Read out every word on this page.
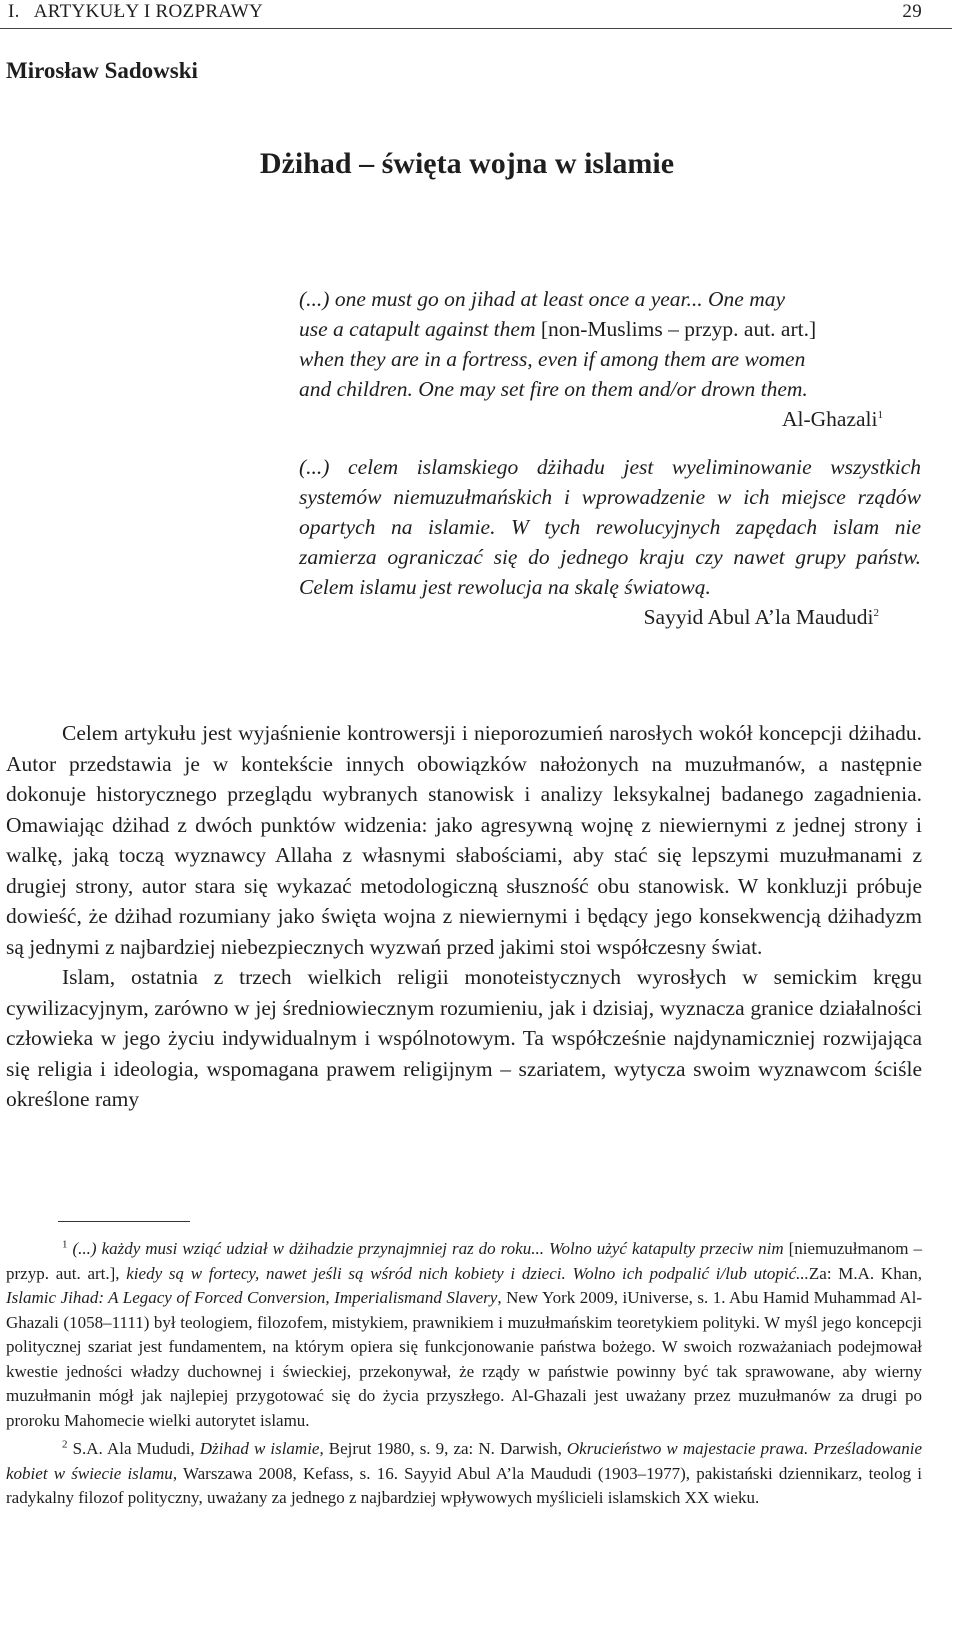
I.   ARTYKUŁY I ROZPRAWY	29
Mirosław Sadowski
Dżihad – święta wojna w islamie
(...) one must go on jihad at least once a year... One may
use a catapult against them [non-Muslims – przyp. aut. art.]
when they are in a fortress, even if among them are women
and children. One may set fire on them and/or drown them.
Al-Ghazali$^1$
(...) celem islamskiego dżihadu jest wyeliminowanie wszystkich systemów niemuzułmańskich i wprowadzenie w ich miejsce rządów opartych na islamie. W tych rewolucyjnych zapędach islam nie zamierza ograniczać się do jednego kraju czy nawet grupy państw. Celem islamu jest rewolucja na skalę światową.
Sayyid Abul A’la Maududi$^2$

Celem artykułu jest wyjaśnienie kontrowersji i nieporozumień narosłych wokół koncepcji dżihadu. Autor przedstawia je w kontekście innych obowiązków nałożonych na muzułmanów, a następnie dokonuje historycznego przeglądu wybranych stanowisk i analizy leksykalnej badanego zagadnienia. Omawiając dżihad z dwóch punktów widzenia: jako agresywną wojnę z niewiernymi z jednej strony i walkę, jaką toczą wyznawcy Allaha z własnymi słabościami, aby stać się lepszymi muzułmanami z drugiej strony, autor stara się wykazać metodologiczną słuszność obu stanowisk. W konkluzji próbuje dowieść, że dżihad rozumiany jako święta wojna z niewiernymi i będący jego konsekwencją dżihadyzm są jednymi z najbardziej niebezpiecznych wyzwań przed jakimi stoi współczesny świat.

Islam, ostatnia z trzech wielkich religii monoteistycznych wyrosłych w semickim kręgu cywilizacyjnym, zarówno w jej średniowiecznym rozumieniu, jak i dzisiaj, wyznacza granice działalności człowieka w jego życiu indywidualnym i wspólnotowym. Ta współcześnie najdynamiczniej rozwijająca się religia i ideologia, wspomagana prawem religijnym – szariatem, wytycza swoim wyznawcom ściśle określone ramy

$^1$ (...) każdy musi wziąć udział w dżihadzie przynajmniej raz do roku... Wolno użyć katapulty przeciw nim [niemuzułmanom – przyp. aut. art.], kiedy są w fortecy, nawet jeśli są wśród nich kobiety i dzieci. Wolno ich podpalić i/lub utopić...Za: M.A. Khan, Islamic Jihad: A Legacy of Forced Conversion, Imperialismand Slavery, New York 2009, iUniverse, s. 1. Abu Hamid Muhammad Al-Ghazali (1058–1111) był teologiem, filozofem, mistykiem, prawnikiem i muzułmańskim teoretykiem polityki. W myśl jego koncepcji politycznej szariat jest fundamentem, na którym opiera się funkcjonowanie państwa bożego. W swoich rozważaniach podejmował kwestie jedności władzy duchownej i świeckiej, przekonywał, że rządy w państwie powinny być tak sprawowane, aby wierny muzułmanin mógł jak najlepiej przygotować się do życia przyszłego. Al-Ghazali jest uważany przez muzułmanów za drugi po proroku Mahomecie wielki autorytet islamu.

$^2$ S.A. Ala Mududi, Dżihad w islamie, Bejrut 1980, s. 9, za: N. Darwish, Okrucieństwo w majestacie prawa. Prześladowanie kobiet w świecie islamu, Warszawa 2008, Kefass, s. 16. Sayyid Abul A’la Maududi (1903–1977), pakistański dziennikarz, teolog i radykalny filozof polityczny, uważany za jednego z najbardziej wpływowych myślicieli islamskich XX wieku.
